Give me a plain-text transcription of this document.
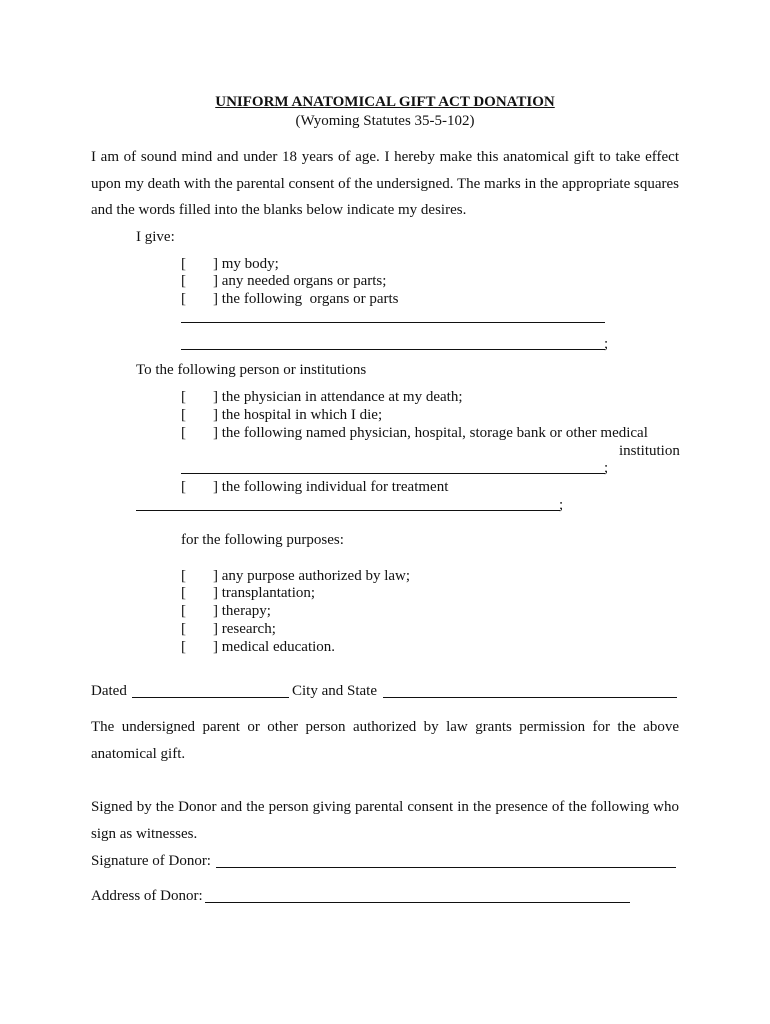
UNIFORM ANATOMICAL GIFT ACT DONATION
(Wyoming Statutes 35-5-102)
I am of sound mind and under 18 years of age. I hereby make this anatomical gift to take effect upon my death with the parental consent of the undersigned. The marks in the appropriate squares and the words filled into the blanks below indicate my desires.
I give:
[ ] my body;
[ ] any needed organs or parts;
[ ] the following  organs or parts
;
To the following person or institutions
[ ] the physician in attendance at my death;
[ ] the hospital in which I die;
[ ] the following named physician, hospital, storage bank or other medical
institution
;
[ ] the following individual for treatment
;
for the following purposes:
[ ] any purpose authorized by law;
[ ] transplantation;
[ ] therapy;
[ ] research;
[ ] medical education.
Dated	City and State
The undersigned parent or other person authorized by law grants permission for the above anatomical gift.
Signed by the Donor and the person giving parental consent in the presence of the following who sign as witnesses.
Signature of Donor:
Address of Donor:
